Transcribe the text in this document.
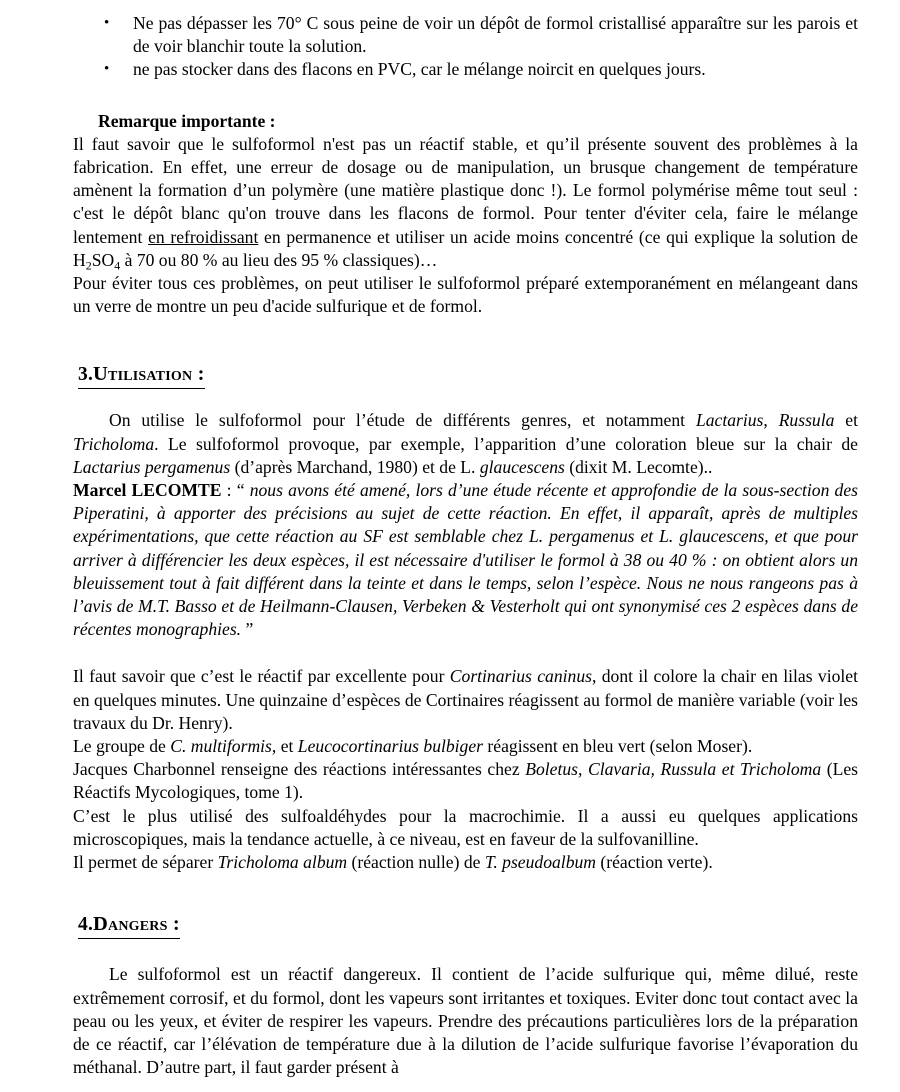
• Ne pas dépasser les 70° C sous peine de voir un dépôt de formol cristallisé apparaître sur les parois et de voir blanchir toute la solution.
• ne pas stocker dans des flacons en PVC, car le mélange noircit en quelques jours.

Remarque importante :

Il faut savoir que le sulfoformol n'est pas un réactif stable, et qu’il présente souvent des problèmes à la fabrication. En effet, une erreur de dosage ou de manipulation, un brusque changement de température amènent la formation d’un polymère (une matière plastique donc !). Le formol polymérise même tout seul : c'est le dépôt blanc qu'on trouve dans les flacons de formol. Pour tenter d'éviter cela, faire le mélange lentement en refroidissant en permanence et utiliser un acide moins concentré (ce qui explique la solution de $H_2SO_4$ à 70 ou 80 % au lieu des 95 % classiques)…

Pour éviter tous ces problèmes, on peut utiliser le sulfoformol préparé extemporanément en mélangeant dans un verre de montre un peu d'acide sulfurique et de formol.

3.Utilisation :

On utilise le sulfoformol pour l’étude de différents genres, et notamment Lactarius, Russula et Tricholoma. Le sulfoformol provoque, par exemple, l’apparition d’une coloration bleue sur la chair de Lactarius pergamenus (d’après Marchand, 1980) et de L. glaucescens (dixit M. Lecomte)..

Marcel LECOMTE : “ nous avons été amené, lors d’une étude récente et approfondie de la sous-section des Piperatini, à apporter des précisions au sujet de cette réaction. En effet, il apparaît, après de multiples expérimentations, que cette réaction au SF est semblable chez L. pergamenus et L. glaucescens, et que pour arriver à différencier les deux espèces, il est nécessaire d'utiliser le formol à 38 ou 40 % : on obtient alors un bleuissement tout à fait différent dans la teinte et dans le temps, selon l’espèce. Nous ne nous rangeons pas à l’avis de M.T. Basso et de Heilmann-Clausen, Verbeken & Vesterholt qui ont synonymisé ces 2 espèces dans de récentes monographies. ”

Il faut savoir que c’est le réactif par excellente pour Cortinarius caninus, dont il colore la chair en lilas violet en quelques minutes. Une quinzaine d’espèces de Cortinaires réagissent au formol de manière variable (voir les travaux du Dr. Henry).

Le groupe de C. multiformis, et Leucocortinarius bulbiger réagissent en bleu vert (selon Moser).

Jacques Charbonnel renseigne des réactions intéressantes chez Boletus, Clavaria, Russula et Tricholoma (Les Réactifs Mycologiques, tome 1).

C’est le plus utilisé des sulfoaldéhydes pour la macrochimie. Il a aussi eu quelques applications microscopiques, mais la tendance actuelle, à ce niveau, est en faveur de la sulfovanilline.

Il permet de séparer Tricholoma album (réaction nulle) de T. pseudoalbum (réaction verte).

4.Dangers :

Le sulfoformol est un réactif dangereux. Il contient de l’acide sulfurique qui, même dilué, reste extrêmement corrosif, et du formol, dont les vapeurs sont irritantes et toxiques. Eviter donc tout contact avec la peau ou les yeux, et éviter de respirer les vapeurs. Prendre des précautions particulières lors de la préparation de ce réactif, car l’élévation de température due à la dilution de l’acide sulfurique favorise l’évaporation du méthanal. D’autre part, il faut garder présent à
